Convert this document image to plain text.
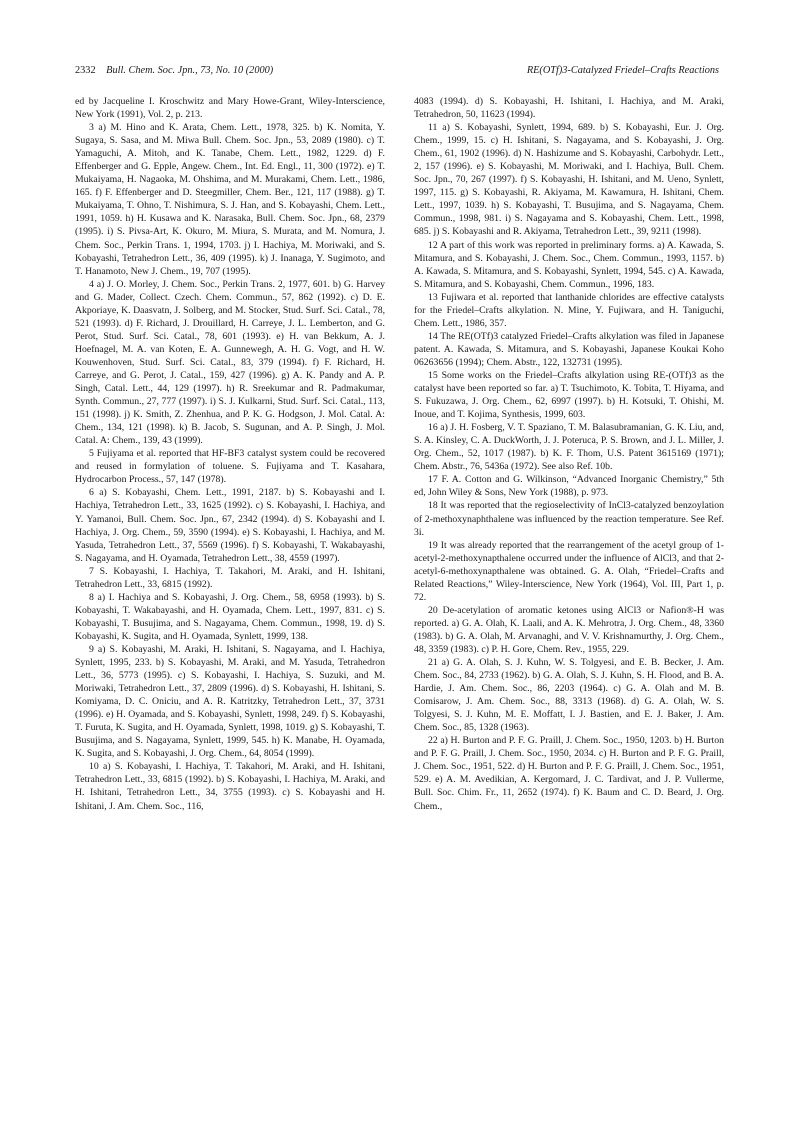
2332 Bull. Chem. Soc. Jpn., 73, No. 10 (2000)	RE(OTf)3-Catalyzed Friedel–Crafts Reactions

ed by Jacqueline I. Kroschwitz and Mary Howe-Grant, Wiley-Interscience, New York (1991), Vol. 2, p. 213.

3 a) M. Hino and K. Arata, Chem. Lett., 1978, 325. b) K. Nomita, Y. Sugaya, S. Sasa, and M. Miwa Bull. Chem. Soc. Jpn., 53, 2089 (1980). c) T. Yamaguchi, A. Mitoh, and K. Tanabe, Chem. Lett., 1982, 1229. d) F. Effenberger and G. Epple, Angew. Chem., Int. Ed. Engl., 11, 300 (1972). e) T. Mukaiyama, H. Nagaoka, M. Ohshima, and M. Murakami, Chem. Lett., 1986, 165. f) F. Effenberger and D. Steegmiller, Chem. Ber., 121, 117 (1988). g) T. Mukaiyama, T. Ohno, T. Nishimura, S. J. Han, and S. Kobayashi, Chem. Lett., 1991, 1059. h) H. Kusawa and K. Narasaka, Bull. Chem. Soc. Jpn., 68, 2379 (1995). i) S. Pivsa-Art, K. Okuro, M. Miura, S. Murata, and M. Nomura, J. Chem. Soc., Perkin Trans. 1, 1994, 1703. j) I. Hachiya, M. Moriwaki, and S. Kobayashi, Tetrahedron Lett., 36, 409 (1995). k) J. Inanaga, Y. Sugimoto, and T. Hanamoto, New J. Chem., 19, 707 (1995).

4 a) J. O. Morley, J. Chem. Soc., Perkin Trans. 2, 1977, 601. b) G. Harvey and G. Mader, Collect. Czech. Chem. Commun., 57, 862 (1992). c) D. E. Akporiaye, K. Daasvatn, J. Solberg, and M. Stocker, Stud. Surf. Sci. Catal., 78, 521 (1993). d) F. Richard, J. Drouillard, H. Carreye, J. L. Lemberton, and G. Perot, Stud. Surf. Sci. Catal., 78, 601 (1993). e) H. van Bekkum, A. J. Hoefnagel, M. A. van Koten, E. A. Gunnewegh, A. H. G. Vogt, and H. W. Kouwenhoven, Stud. Surf. Sci. Catal., 83, 379 (1994). f) F. Richard, H. Carreye, and G. Perot, J. Catal., 159, 427 (1996). g) A. K. Pandy and A. P. Singh, Catal. Lett., 44, 129 (1997). h) R. Sreekumar and R. Padmakumar, Synth. Commun., 27, 777 (1997). i) S. J. Kulkarni, Stud. Surf. Sci. Catal., 113, 151 (1998). j) K. Smith, Z. Zhenhua, and P. K. G. Hodgson, J. Mol. Catal. A: Chem., 134, 121 (1998). k) B. Jacob, S. Sugunan, and A. P. Singh, J. Mol. Catal. A: Chem., 139, 43 (1999).

5 Fujiyama et al. reported that HF-BF3 catalyst system could be recovered and reused in formylation of toluene. S. Fujiyama and T. Kasahara, Hydrocarbon Process., 57, 147 (1978).

6 a) S. Kobayashi, Chem. Lett., 1991, 2187. b) S. Kobayashi and I. Hachiya, Tetrahedron Lett., 33, 1625 (1992). c) S. Kobayashi, I. Hachiya, and Y. Yamanoi, Bull. Chem. Soc. Jpn., 67, 2342 (1994). d) S. Kobayashi and I. Hachiya, J. Org. Chem., 59, 3590 (1994). e) S. Kobayashi, I. Hachiya, and M. Yasuda, Tetrahedron Lett., 37, 5569 (1996). f) S. Kobayashi, T. Wakabayashi, S. Nagayama, and H. Oyamada, Tetrahedron Lett., 38, 4559 (1997).

7 S. Kobayashi, I. Hachiya, T. Takahori, M. Araki, and H. Ishitani, Tetrahedron Lett., 33, 6815 (1992).

8 a) I. Hachiya and S. Kobayashi, J. Org. Chem., 58, 6958 (1993). b) S. Kobayashi, T. Wakabayashi, and H. Oyamada, Chem. Lett., 1997, 831. c) S. Kobayashi, T. Busujima, and S. Nagayama, Chem. Commun., 1998, 19. d) S. Kobayashi, K. Sugita, and H. Oyamada, Synlett, 1999, 138.

9 a) S. Kobayashi, M. Araki, H. Ishitani, S. Nagayama, and I. Hachiya, Synlett, 1995, 233. b) S. Kobayashi, M. Araki, and M. Yasuda, Tetrahedron Lett., 36, 5773 (1995). c) S. Kobayashi, I. Hachiya, S. Suzuki, and M. Moriwaki, Tetrahedron Lett., 37, 2809 (1996). d) S. Kobayashi, H. Ishitani, S. Komiyama, D. C. Oniciu, and A. R. Katritzky, Tetrahedron Lett., 37, 3731 (1996). e) H. Oyamada, and S. Kobayashi, Synlett, 1998, 249. f) S. Kobayashi, T. Furuta, K. Sugita, and H. Oyamada, Synlett, 1998, 1019. g) S. Kobayashi, T. Busujima, and S. Nagayama, Synlett, 1999, 545. h) K. Manabe, H. Oyamada, K. Sugita, and S. Kobayashi, J. Org. Chem., 64, 8054 (1999).

10 a) S. Kobayashi, I. Hachiya, T. Takahori, M. Araki, and H. Ishitani, Tetrahedron Lett., 33, 6815 (1992). b) S. Kobayashi, I. Hachiya, M. Araki, and H. Ishitani, Tetrahedron Lett., 34, 3755 (1993). c) S. Kobayashi and H. Ishitani, J. Am. Chem. Soc., 116,

4083 (1994). d) S. Kobayashi, H. Ishitani, I. Hachiya, and M. Araki, Tetrahedron, 50, 11623 (1994).

11 a) S. Kobayashi, Synlett, 1994, 689. b) S. Kobayashi, Eur. J. Org. Chem., 1999, 15. c) H. Ishitani, S. Nagayama, and S. Kobayashi, J. Org. Chem., 61, 1902 (1996). d) N. Hashizume and S. Kobayashi, Carbohydr. Lett., 2, 157 (1996). e) S. Kobayashi, M. Moriwaki, and I. Hachiya, Bull. Chem. Soc. Jpn., 70, 267 (1997). f) S. Kobayashi, H. Ishitani, and M. Ueno, Synlett, 1997, 115. g) S. Kobayashi, R. Akiyama, M. Kawamura, H. Ishitani, Chem. Lett., 1997, 1039. h) S. Kobayashi, T. Busujima, and S. Nagayama, Chem. Commun., 1998, 981. i) S. Nagayama and S. Kobayashi, Chem. Lett., 1998, 685. j) S. Kobayashi and R. Akiyama, Tetrahedron Lett., 39, 9211 (1998).

12 A part of this work was reported in preliminary forms. a) A. Kawada, S. Mitamura, and S. Kobayashi, J. Chem. Soc., Chem. Commun., 1993, 1157. b) A. Kawada, S. Mitamura, and S. Kobayashi, Synlett, 1994, 545. c) A. Kawada, S. Mitamura, and S. Kobayashi, Chem. Commun., 1996, 183.

13 Fujiwara et al. reported that lanthanide chlorides are effective catalysts for the Friedel–Crafts alkylation. N. Mine, Y. Fujiwara, and H. Taniguchi, Chem. Lett., 1986, 357.

14 The RE(OTf)3 catalyzed Friedel–Crafts alkylation was filed in Japanese patent. A. Kawada, S. Mitamura, and S. Kobayashi, Japanese Koukai Koho 06263656 (1994); Chem. Abstr., 122, 132731 (1995).

15 Some works on the Friedel–Crafts alkylation using RE-(OTf)3 as the catalyst have been reported so far. a) T. Tsuchimoto, K. Tobita, T. Hiyama, and S. Fukuzawa, J. Org. Chem., 62, 6997 (1997). b) H. Kotsuki, T. Ohishi, M. Inoue, and T. Kojima, Synthesis, 1999, 603.

16 a) J. H. Fosberg, V. T. Spaziano, T. M. Balasubramanian, G. K. Liu, and, S. A. Kinsley, C. A. DuckWorth, J. J. Poteruca, P. S. Brown, and J. L. Miller, J. Org. Chem., 52, 1017 (1987). b) K. F. Thom, U.S. Patent 3615169 (1971); Chem. Abstr., 76, 5436a (1972). See also Ref. 10b.

17 F. A. Cotton and G. Wilkinson, “Advanced Inorganic Chemistry,” 5th ed, John Wiley & Sons, New York (1988), p. 973.

18 It was reported that the regioselectivity of InCl3-catalyzed benzoylation of 2-methoxynaphthalene was influenced by the reaction temperature. See Ref. 3i.

19 It was already reported that the rearrangement of the acetyl group of 1-acetyl-2-methoxynapthalene occurred under the influence of AlCl3, and that 2-acetyl-6-methoxynapthalene was obtained. G. A. Olah, “Friedel–Crafts and Related Reactions,” Wiley-Interscience, New York (1964), Vol. III, Part 1, p. 72.

20 De-acetylation of aromatic ketones using AlCl3 or Nafion®-H was reported. a) G. A. Olah, K. Laali, and A. K. Mehrotra, J. Org. Chem., 48, 3360 (1983). b) G. A. Olah, M. Arvanaghi, and V. V. Krishnamurthy, J. Org. Chem., 48, 3359 (1983). c) P. H. Gore, Chem. Rev., 1955, 229.

21 a) G. A. Olah, S. J. Kuhn, W. S. Tolgyesi, and E. B. Becker, J. Am. Chem. Soc., 84, 2733 (1962). b) G. A. Olah, S. J. Kuhn, S. H. Flood, and B. A. Hardie, J. Am. Chem. Soc., 86, 2203 (1964). c) G. A. Olah and M. B. Comisarow, J. Am. Chem. Soc., 88, 3313 (1968). d) G. A. Olah, W. S. Tolgyesi, S. J. Kuhn, M. E. Moffatt, I. J. Bastien, and E. J. Baker, J. Am. Chem. Soc., 85, 1328 (1963).

22 a) H. Burton and P. F. G. Praill, J. Chem. Soc., 1950, 1203. b) H. Burton and P. F. G. Praill, J. Chem. Soc., 1950, 2034. c) H. Burton and P. F. G. Praill, J. Chem. Soc., 1951, 522. d) H. Burton and P. F. G. Praill, J. Chem. Soc., 1951, 529. e) A. M. Avedikian, A. Kergomard, J. C. Tardivat, and J. P. Vullerme, Bull. Soc. Chim. Fr., 11, 2652 (1974). f) K. Baum and C. D. Beard, J. Org. Chem.,
